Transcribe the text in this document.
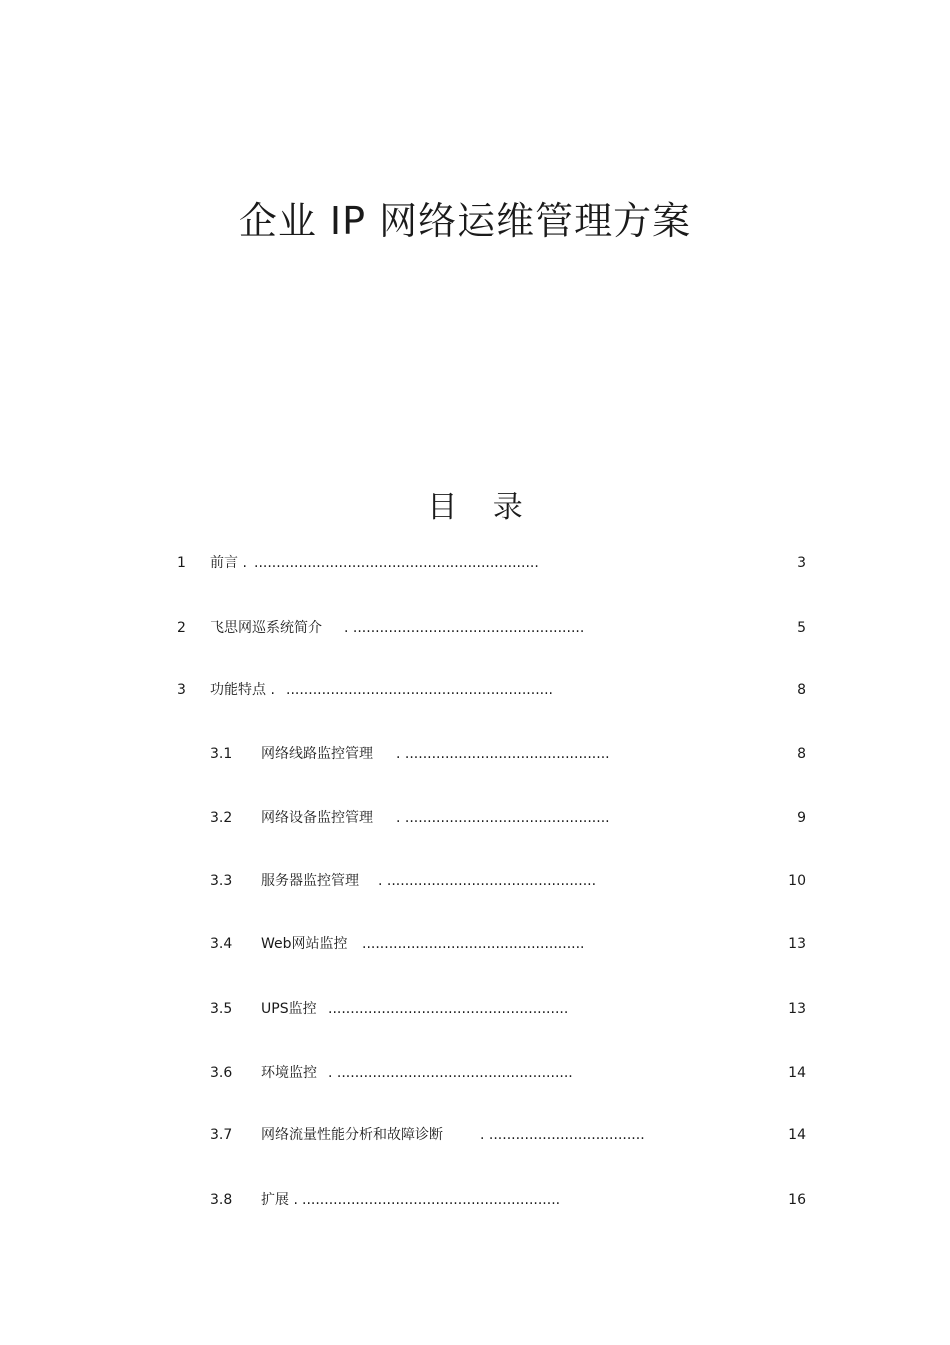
企业 IP 网络运维管理方案
目 录
1 前言 . ................................................................	3
2 飞思网巡系统简介 . ....................................................	5
3 功能特点 . ............................................................	8
3.1 网络线路监控管理 . ..............................................	8
3.2 网络设备监控管理 . ..............................................	9
3.3 服务器监控管理 . ...............................................	10
3.4 Web网站监控 ..................................................	13
3.5 UPS监控 ......................................................	13
3.6 环境监控 . .....................................................	14
3.7 网络流量性能分析和故障诊断	. ...................................	14
3.8 扩展 . ..........................................................	16
